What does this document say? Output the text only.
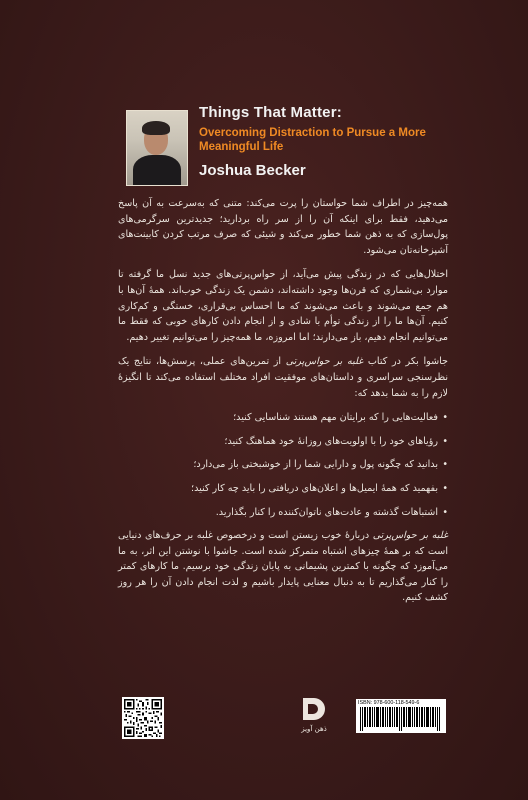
Things That Matter:
Overcoming Distraction to Pursue a More Meaningful Life
Joshua Becker

همه‌چیز در اطراف شما حواستان را پرت می‌کند: متنی که به‌سرعت به آن پاسخ می‌دهید، فقط برای اینکه آن را از سر راه بردارید؛ جدیدترین سرگرمی‌های پول‌سازی که به ذهن شما خطور می‌کند و شیئی که صرف مرتب کردن کابینت‌های آشپزخانه‌تان می‌شود.

اختلال‌هایی که در زندگی پیش می‌آید، از حواس‌پرتی‌های جدید نسل ما گرفته تا موارد بی‌شماری که قرن‌ها وجود داشته‌اند، دشمن یک زندگی خوب‌اند. همهٔ آن‌ها با هم جمع می‌شوند و باعث می‌شوند که ما احساس بی‌قراری، خستگی و کم‌کاری کنیم. آن‌ها ما را از زندگی توأم با شادی و از انجام دادن کارهای خوبی که فقط ما می‌توانیم انجام دهیم، باز می‌دارند؛ اما امروزه، ما همه‌چیز را می‌توانیم تغییر دهیم.

جاشوا بکر در کتاب غلبه بر حواس‌پرتی از تمرین‌های عملی، پرسش‌ها، نتایج یک نظرسنجی سراسری و داستان‌های موفقیت افراد مختلف استفاده می‌کند تا انگیزهٔ لازم را به شما بدهد که:

• فعالیت‌هایی را که برایتان مهم هستند شناسایی کنید؛
• رؤیاهای خود را با اولویت‌های روزانهٔ خود هماهنگ کنید؛
• بدانید که چگونه پول و دارایی شما را از خوشبختی باز می‌دارد؛
• بفهمید که همهٔ ایمیل‌ها و اعلان‌های دریافتی را باید چه کار کنید؛
• اشتباهات گذشته و عادت‌های ناتوان‌کننده را کنار بگذارید.

غلبه بر حواس‌پرتی دربارهٔ خوب زیستن است و درخصوص غلبه بر حرف‌های دنیایی است که بر همهٔ چیزهای اشتباه متمرکز شده است. جاشوا با نوشتن این اثر، به ما می‌آموزد که چگونه با کمترین پشیمانی به پایان زندگی خود برسیم. ما کارهای کمتر را کنار می‌گذاریم تا به دنبال معنایی پایدار باشیم و لذت انجام دادن آن را هر روز کشف کنیم.

ذهن آویز
ISBN: 978-600-118-549-6
